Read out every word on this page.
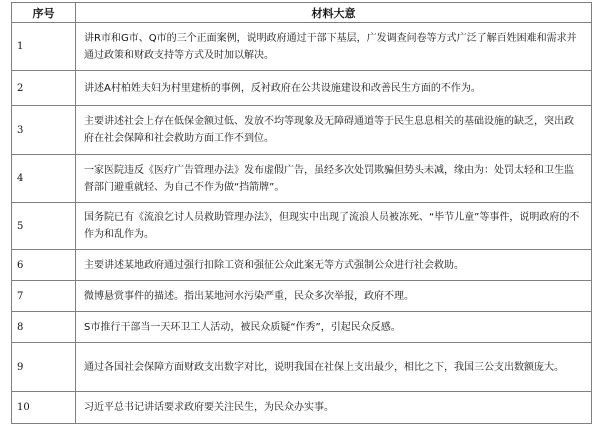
序号	材料大意
1	讲R市和G市、Q市的三个正面案例，说明政府通过干部下基层，广发调查问卷等方式广泛了解百姓困难和需求并通过政策和财政支持等方式及时加以解决。
2	讲述A村柏姓夫妇为村里建桥的事例，反衬政府在公共设施建设和改善民生方面的不作为。
3	主要讲述社会上存在低保金额过低、发放不均等现象及无障碍通道等于民生息息相关的基础设施的缺乏，突出政府在社会保障和社会救助方面工作不到位。
4	一家医院违反《医疗广告管理办法》发布虚假广告，虽经多次处罚欺骗但势头未减，缘由为：处罚太轻和卫生监督部门避重就轻、为自己不作为做“挡箭牌”。
5	国务院已有《流浪乞讨人员救助管理办法》，但现实中出现了流浪人员被冻死、“毕节儿童”等事件，说明政府的不作为和乱作为。
6	主要讲述某地政府通过强行扣除工资和强征公众此案无等方式强制公众进行社会救助。
7	微博悬赏事件的描述。指出某地河水污染严重，民众多次举报，政府不理。
8	S市推行干部当一天环卫工人活动，被民众质疑“作秀”，引起民众反感。
9	通过各国社会保障方面财政支出数字对比，说明我国在社保上支出最少，相比之下，我国三公支出数额庞大。
10	习近平总书记讲话要求政府要关注民生，为民众办实事。
